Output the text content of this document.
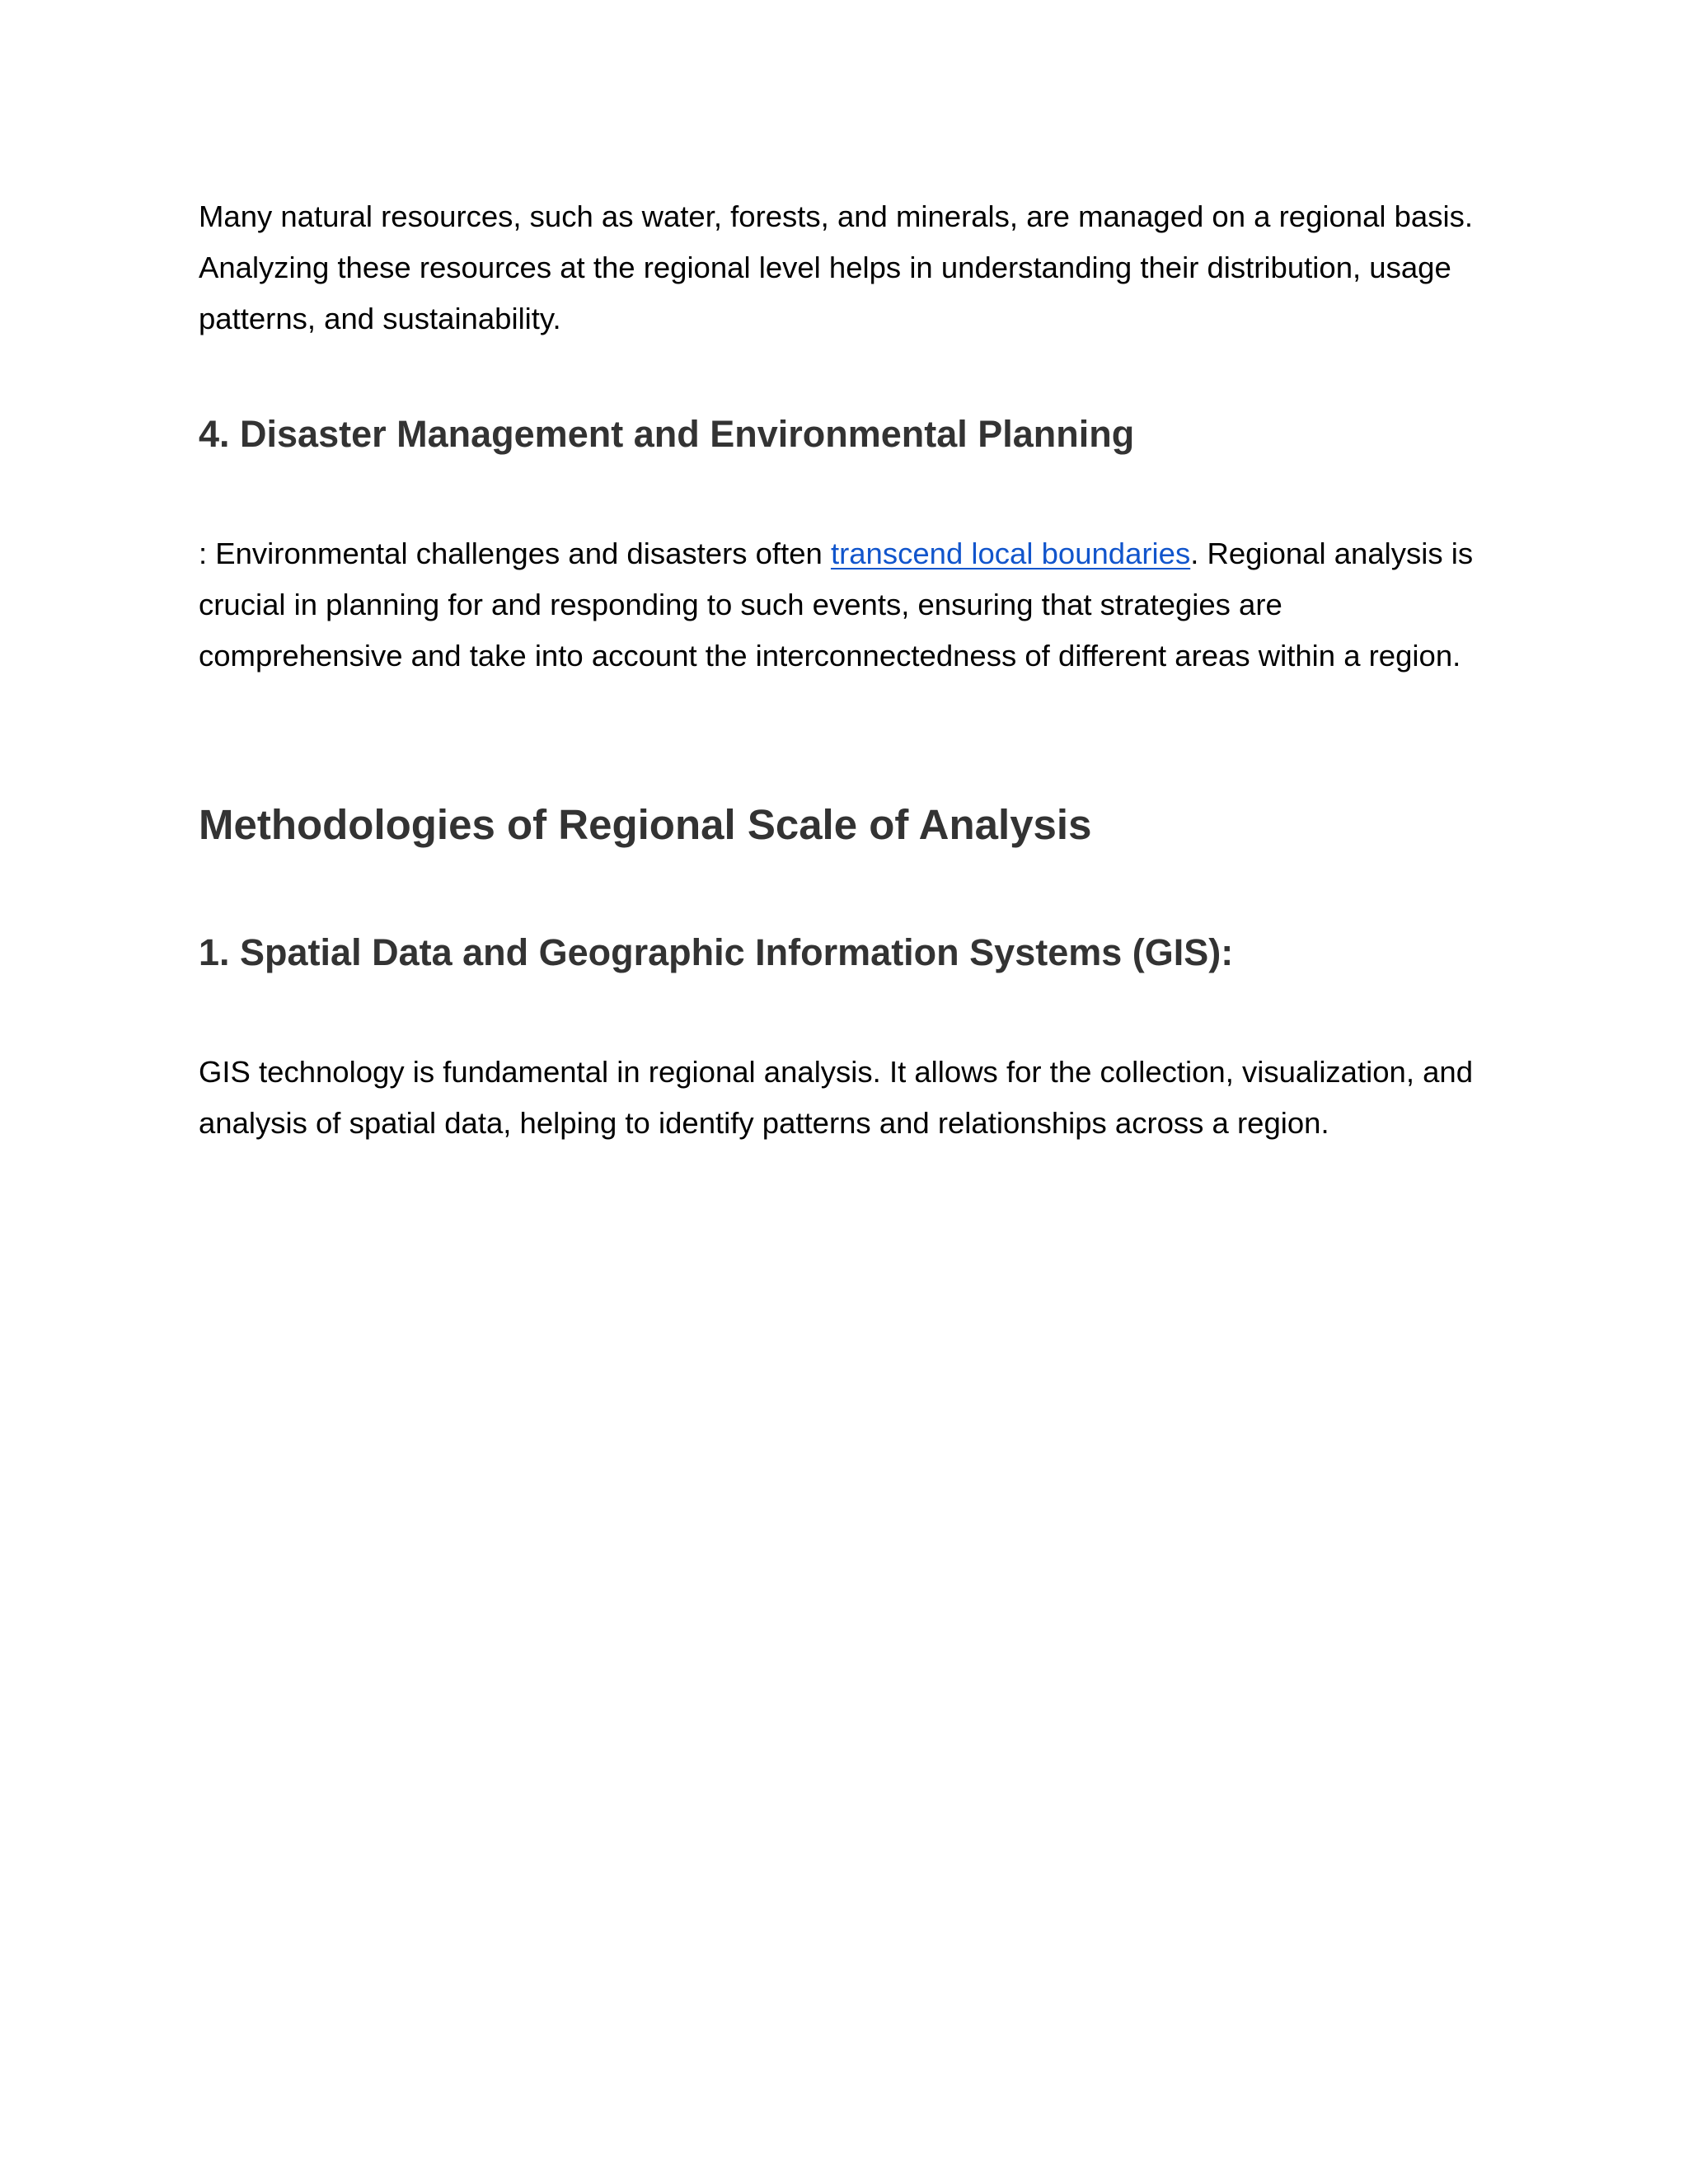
Many natural resources, such as water, forests, and minerals, are managed on a regional basis. Analyzing these resources at the regional level helps in understanding their distribution, usage patterns, and sustainability.

4. Disaster Management and Environmental Planning

: Environmental challenges and disasters often transcend local boundaries. Regional analysis is crucial in planning for and responding to such events, ensuring that strategies are comprehensive and take into account the interconnectedness of different areas within a region.

Methodologies of Regional Scale of Analysis
1. Spatial Data and Geographic Information Systems (GIS):

GIS technology is fundamental in regional analysis. It allows for the collection, visualization, and analysis of spatial data, helping to identify patterns and relationships across a region.
